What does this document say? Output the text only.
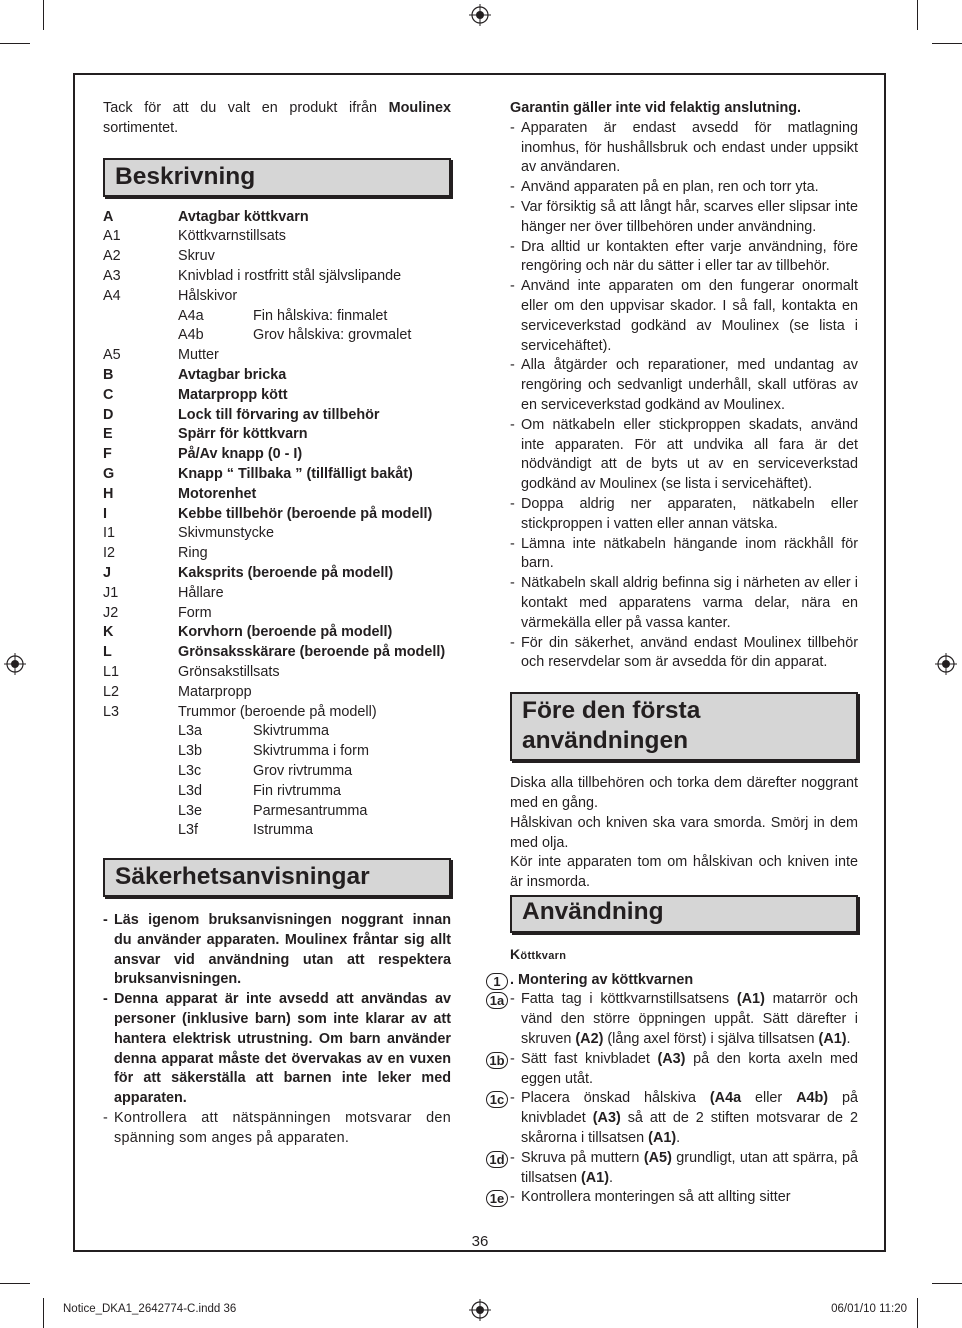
Tack för att du valt en produkt ifrån Moulinex sortimentet.

Beskrivning
A	Avtagbar köttkvarn
A1	Köttkvarnstillsats
A2	Skruv
A3	Knivblad i rostfritt stål självslipande
A4	Hålskivor
A4a	Fin hålskiva: finmalet
A4b	Grov hålskiva: grovmalet
A5	Mutter
B	Avtagbar bricka
C	Matarpropp kött
D	Lock till förvaring av tillbehör
E	Spärr för köttkvarn
F	På/Av knapp (0 - I)
G	Knapp “ Tillbaka ” (tillfälligt bakåt)
H	Motorenhet
I	Kebbe tillbehör (beroende på modell)
I1	Skivmunstycke
I2	Ring
J	Kaksprits (beroende på modell)
J1	Hållare
J2	Form
K	Korvhorn (beroende på modell)
L	Grönsaksskärare (beroende på modell)
L1	Grönsakstillsats
L2	Matarpropp
L3	Trummor (beroende på modell)
L3a	Skivtrumma
L3b	Skivtrumma i form
L3c	Grov rivtrumma
L3d	Fin rivtrumma
L3e	Parmesantrumma
L3f	Istrumma
Säkerhetsanvisningar
- Läs igenom bruksanvisningen noggrant innan du använder apparaten. Moulinex fråntar sig allt ansvar vid användning utan att respektera bruksanvisningen.
- Denna apparat är inte avsedd att användas av personer (inklusive barn) som inte klarar av att hantera elektrisk utrustning. Om barn använder denna apparat måste det övervakas av en vuxen för att säkerställa att barnen inte leker med apparaten.
- Kontrollera att nätspänningen motsvarar den spänning som anges på apparaten.

Garantin gäller inte vid felaktig anslutning.

- Apparaten är endast avsedd för matlagning inomhus, för hushållsbruk och endast under uppsikt av användaren.
- Använd apparaten på en plan, ren och torr yta.
- Var försiktig så att långt hår, scarves eller slipsar inte hänger ner över tillbehören under användning.
- Dra alltid ur kontakten efter varje användning, före rengöring och när du sätter i eller tar av tillbehör.
- Använd inte apparaten om den fungerar onormalt eller om den uppvisar skador. I så fall, kontakta en serviceverkstad godkänd av Moulinex (se lista i servicehäftet).
- Alla åtgärder och reparationer, med undantag av rengöring och sedvanligt underhåll, skall utföras av en serviceverkstad godkänd av Moulinex.
- Om nätkabeln eller stickproppen skadats, använd inte apparaten. För att undvika all fara är det nödvändigt att de byts ut av en serviceverkstad godkänd av Moulinex (se lista i servicehäftet).
- Doppa aldrig ner apparaten, nätkabeln eller stickproppen i vatten eller annan vätska.
- Lämna inte nätkabeln hängande inom räckhåll för barn.
- Nätkabeln skall aldrig befinna sig i närheten av eller i kontakt med apparatens varma delar, nära en värmekälla eller på vassa kanter.
- För din säkerhet, använd endast Moulinex tillbehör och reservdelar som är avsedda för din apparat.
Före den första
användningen

Diska alla tillbehören och torka dem därefter noggrant med en gång.

Hålskivan och kniven ska vara smorda. Smörj in dem med olja.

Kör inte apparaten tom om hålskivan och kniven inte är insmorda.

Användning

Köttkvarn

1 . Montering av köttkvarnen
1a - Fatta tag i köttkvarnstillsatsens (A1) matarrör och vänd den större öppningen uppåt. Sätt därefter i skruven (A2) (lång axel först) i själva tillsatsen (A1).
1b - Sätt fast knivbladet (A3) på den korta axeln med eggen utåt.
1c - Placera önskad hålskiva (A4a eller A4b) på knivbladet (A3) så att de 2 stiften motsvarar de 2 skårorna i tillsatsen (A1).
1d - Skruva på muttern (A5) grundligt, utan att spärra, på tillsatsen (A1).
1e - Kontrollera monteringen så att allting sitter
36
Notice_DKA1_2642774-C.indd 36	06/01/10 11:20
